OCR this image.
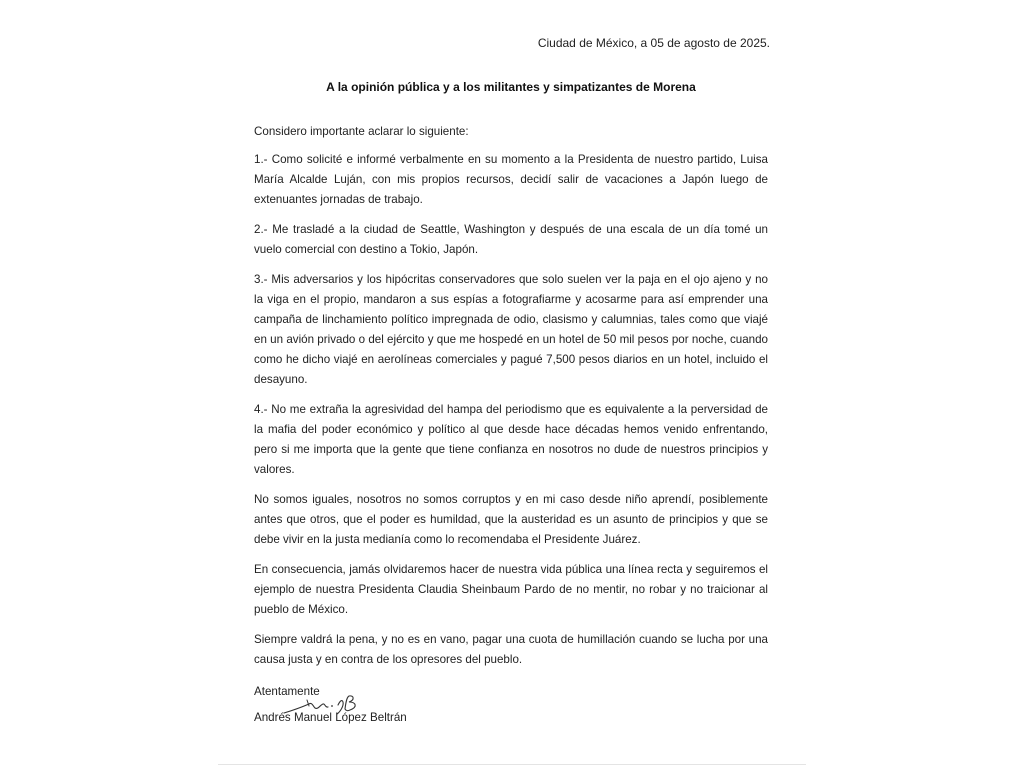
Ciudad de México, a 05 de agosto de 2025.
A la opinión pública y a los militantes y simpatizantes de Morena

Considero importante aclarar lo siguiente:

1.- Como solicité e informé verbalmente en su momento a la Presidenta de nuestro partido, Luisa María Alcalde Luján, con mis propios recursos, decidí salir de vacaciones a Japón luego de extenuantes jornadas de trabajo.

2.- Me trasladé a la ciudad de Seattle, Washington y después de una escala de un día tomé un vuelo comercial con destino a Tokio, Japón.

3.- Mis adversarios y los hipócritas conservadores que solo suelen ver la paja en el ojo ajeno y no la viga en el propio, mandaron a sus espías a fotografiarme y acosarme para así emprender una campaña de linchamiento político impregnada de odio, clasismo y calumnias, tales como que viajé en un avión privado o del ejército y que me hospedé en un hotel de 50 mil pesos por noche, cuando como he dicho viajé en aerolíneas comerciales y pagué 7,500 pesos diarios en un hotel, incluido el desayuno.

4.- No me extraña la agresividad del hampa del periodismo que es equivalente a la perversidad de la mafia del poder económico y político al que desde hace décadas hemos venido enfrentando, pero si me importa que la gente que tiene confianza en nosotros no dude de nuestros principios y valores.

No somos iguales, nosotros no somos corruptos y en mi caso desde niño aprendí, posiblemente antes que otros, que el poder es humildad, que la austeridad es un asunto de principios y que se debe vivir en la justa medianía como lo recomendaba el Presidente Juárez.

En consecuencia, jamás olvidaremos hacer de nuestra vida pública una línea recta y seguiremos el ejemplo de nuestra Presidenta Claudia Sheinbaum Pardo de no mentir, no robar y no traicionar al pueblo de México.

Siempre valdrá la pena, y no es en vano, pagar una cuota de humillación cuando se lucha por una causa justa y en contra de los opresores del pueblo.

Atentamente
Andrés Manuel López Beltrán
